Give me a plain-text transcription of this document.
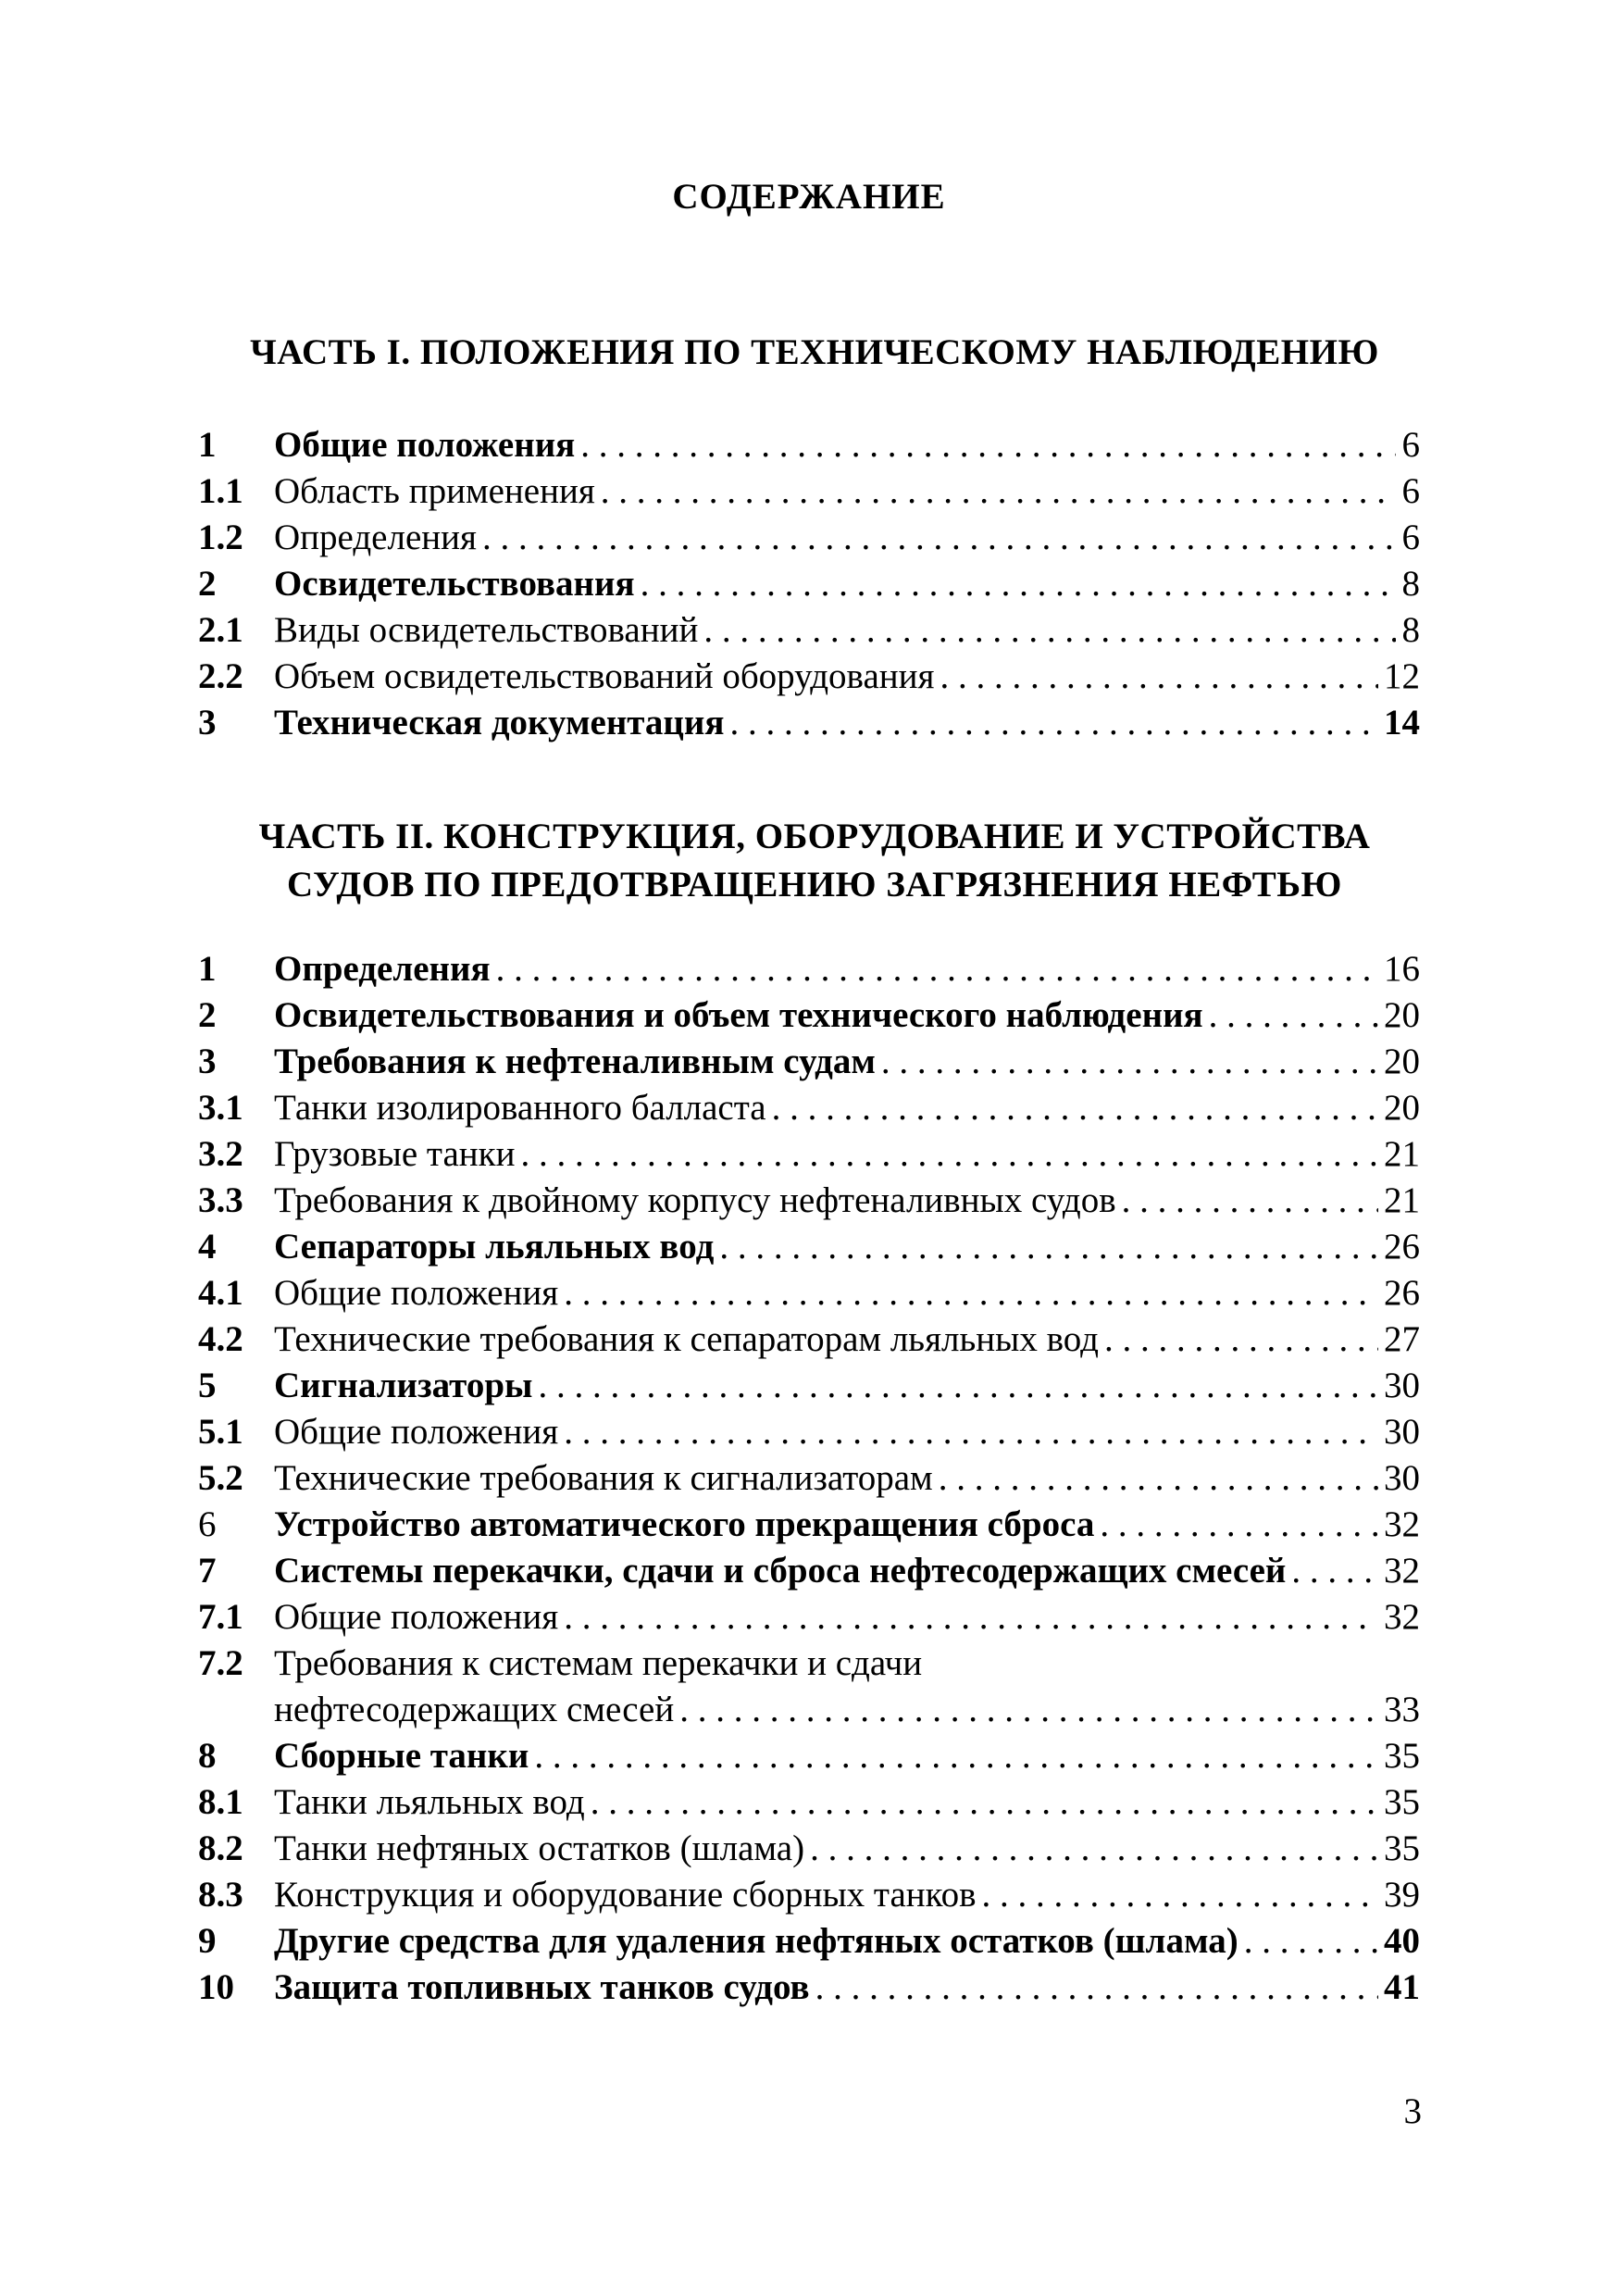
СОДЕРЖАНИЕ
ЧАСТЬ I. ПОЛОЖЕНИЯ ПО ТЕХНИЧЕСКОМУ НАБЛЮДЕНИЮ
1	Общие положения . . .	6
1.1 Область применения . . .	6
1.2 Определения . . .	6
2	Освидетельствования . . .	8
2.1 Виды освидетельствований . . .	8
2.2 Объем освидетельствований оборудования . . .	12
3	Техническая документация . . .	14
ЧАСТЬ II. КОНСТРУКЦИЯ, ОБОРУДОВАНИЕ И УСТРОЙСТВА
СУДОВ ПО ПРЕДОТВРАЩЕНИЮ ЗАГРЯЗНЕНИЯ НЕФТЬЮ
1	Определения . . .	16
2	Освидетельствования и объем технического наблюдения . . .	20
3	Требования к нефтеналивным судам . . .	20
3.1 Танки изолированного балласта . . .	20
3.2 Грузовые танки . . .	21
3.3 Требования к двойному корпусу нефтеналивных судов . . .	21
4	Сепараторы льяльных вод . . .	26
4.1 Общие положения . . .	26
4.2 Технические требования к сепараторам льяльных вод . . .	27
5	Сигнализаторы . . .	30
5.1 Общие положения . . .	30
5.2 Технические требования к сигнализаторам . . .	30
6	Устройство автоматического прекращения сброса . . .	32
7	Системы перекачки, сдачи и сброса нефтесодержащих смесей . . .	32
7.1 Общие положения . . .	32
7.2 Требования к системам перекачки и сдачи
нефтесодержащих смесей . . .	33
8	Сборные танки . . .	35
8.1 Танки льяльных вод . . .	35
8.2 Танки нефтяных остатков (шлама) . . .	35
8.3 Конструкция и оборудование сборных танков . . .	39
9	Другие средства для удаления нефтяных остатков (шлама) . . .	40
10	Защита топливных танков судов . . .	41
3
